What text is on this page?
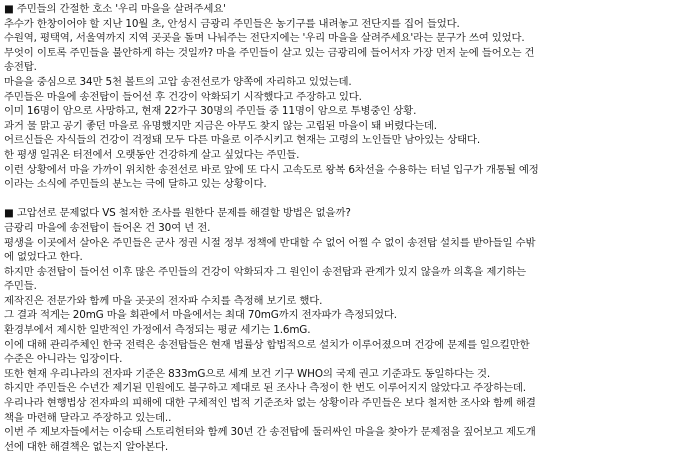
■ 주민들의 간절한 호소 '우리 마을을 살려주세요'
추수가 한창이어야 할 지난 10월 초, 안성시 금광리 주민들은 농기구를 내려놓고 전단지를 집어 들었다.
수원역, 평택역, 서울역까지 지역 곳곳을 돌며 나눠주는 전단지에는 '우리 마을을 살려주세요'라는 문구가 쓰여 있었다.
무엇이 이토록 주민들을 불안하게 하는 것일까? 마을 주민들이 살고 있는 금광리에 들어서자 가장 먼저 눈에 들어오는 건
송전탑.
마을을 중심으로 34만 5천 볼트의 고압 송전선로가 양쪽에 자리하고 있었는데.
주민들은 마을에 송전탑이 들어선 후 건강이 악화되기 시작했다고 주장하고 있다.
이미 16명이 암으로 사망하고, 현재 22가구 30명의 주민들 중 11명이 암으로 투병중인 상황.
과거 물 맑고 공기 좋던 마을로 유명했지만 지금은 아무도 찾지 않는 고립된 마을이 돼 버렸다는데.
어르신들은 자식들의 건강이 걱정돼 모두 다른 마을로 이주시키고 현재는 고령의 노인들만 남아있는 상태다.
한 평생 일궈온 터전에서 오랫동안 건강하게 살고 싶었다는 주민들.
이런 상황에서 마을 가까이 위치한 송전선로 바로 앞에 또 다시 고속도로 왕복 6차선을 수용하는 터널 입구가 개통될 예정
이라는 소식에 주민들의 분노는 극에 달하고 있는 상황이다.
■ 고압선로 문제없다 VS 철저한 조사를 원한다 문제를 해결할 방법은 없을까?
금광리 마을에 송전탑이 들어온 건 30여 년 전.
평생을 이곳에서 살아온 주민들은 군사 정권 시절 정부 정책에 반대할 수 없어 어쩔 수 없이 송전탑 설치를 받아들일 수밖
에 없었다고 한다.
하지만 송전탑이 들어선 이후 많은 주민들의 건강이 악화되자 그 원인이 송전탑과 관계가 있지 않을까 의혹을 제기하는
주민들.
제작진은 전문가와 함께 마을 곳곳의 전자파 수치를 측정해 보기로 했다.
그 결과 적게는 20mG 마을 회관에서 마을에서는 최대 70mG까지 전자파가 측정되었다.
환경부에서 제시한 일반적인 가정에서 측정되는 평균 세기는 1.6mG.
이에 대해 관리주체인 한국 전력은 송전탑들은 현재 법률상 합법적으로 설치가 이루어졌으며 건강에 문제를 일으킬만한
수준은 아니라는 입장이다.
또한 현재 우리나라의 전자파 기준은 833mG으로 세계 보건 기구 WHO의 국제 권고 기준과도 동일하다는 것.
하지만 주민들은 수년간 제기된 민원에도 불구하고 제대로 된 조사나 측정이 한 번도 이루어지지 않았다고 주장하는데.
우리나라 현행법상 전자파의 피해에 대한 구체적인 법적 기준조차 없는 상황이라 주민들은 보다 철저한 조사와 함께 해결
책을 마련해 달라고 주장하고 있는데..
이번 주 제보자들에서는 이승태 스토리헌터와 함께 30년 간 송전탑에 둘러싸인 마을을 찾아가 문제점을 짚어보고 제도개
선에 대한 해결책은 없는지 알아본다.
